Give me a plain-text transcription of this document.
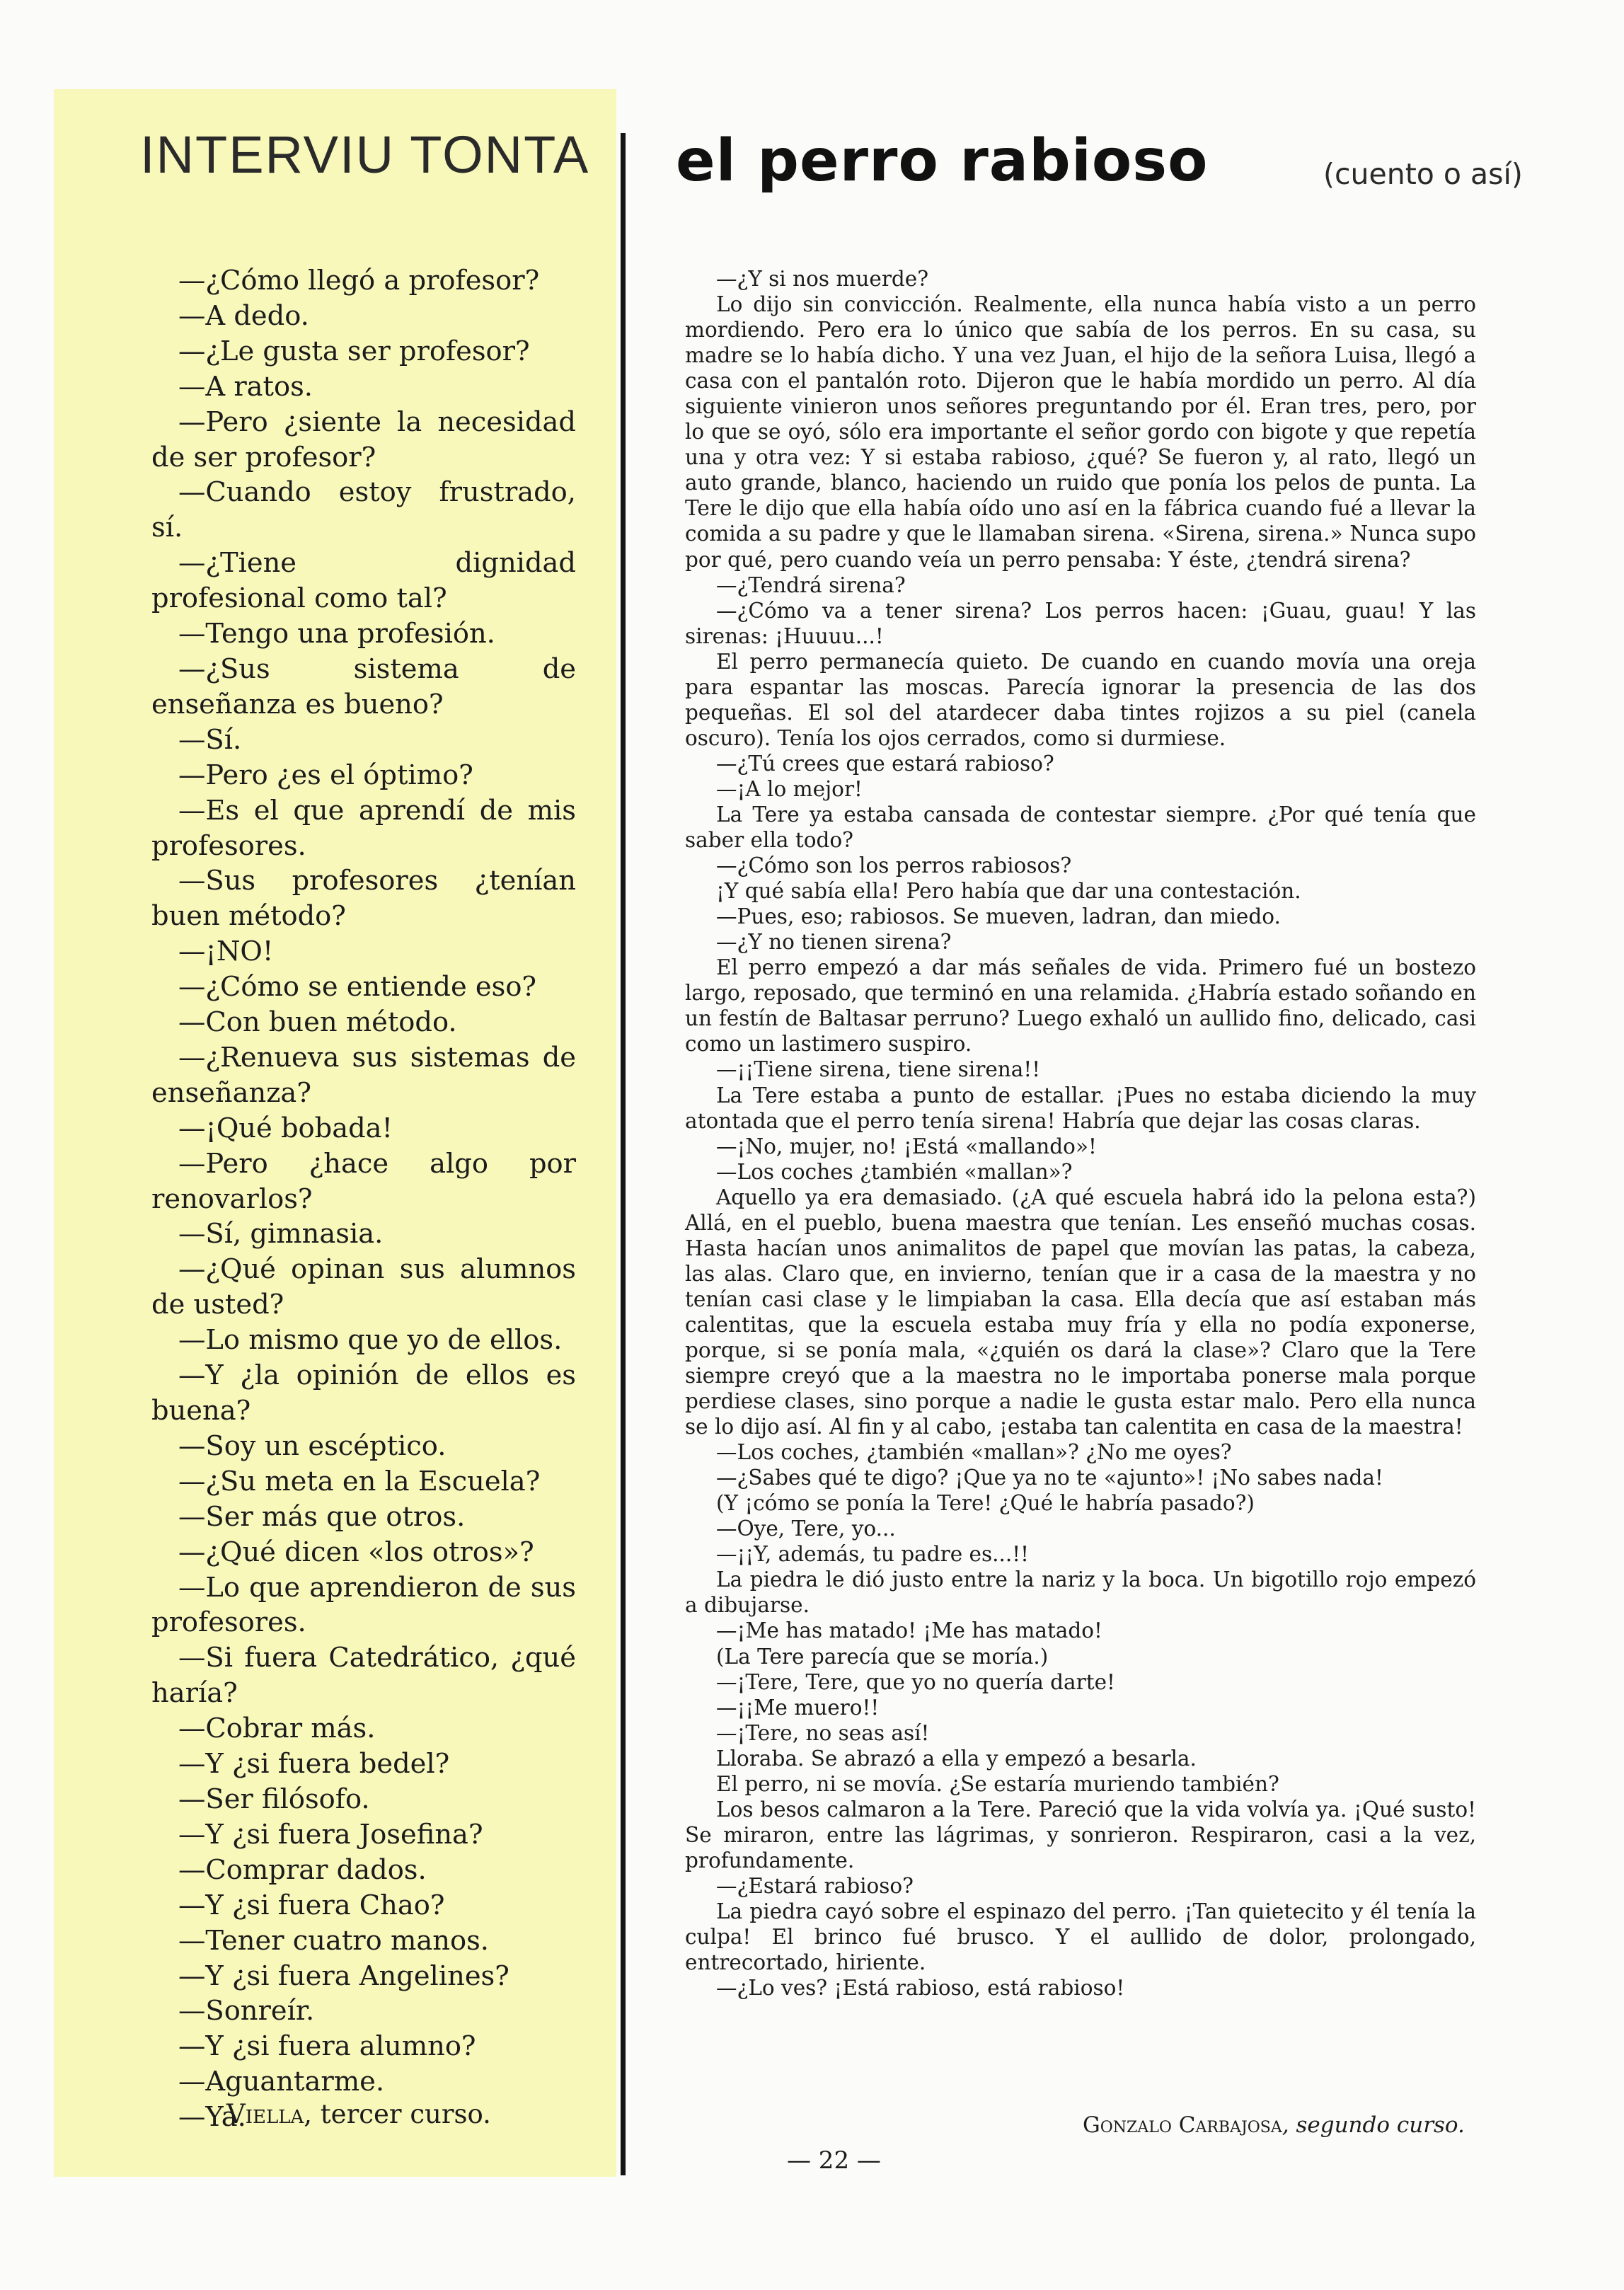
INTERVIU TONTA

—¿Cómo llegó a profesor?

—A dedo.

—¿Le gusta ser profesor?

—A ratos.

—Pero ¿siente la necesidad de ser profesor?

—Cuando estoy frustrado, sí.

—¿Tiene dignidad profesional como tal?

—Tengo una profesión.

—¿Sus sistema de enseñanza es bueno?

—Sí.

—Pero ¿es el óptimo?

—Es el que aprendí de mis profesores.

—Sus profesores ¿tenían buen método?

—¡NO!

—¿Cómo se entiende eso?

—Con buen método.

—¿Renueva sus sistemas de enseñanza?

—¡Qué bobada!

—Pero ¿hace algo por renovarlos?

—Sí, gimnasia.

—¿Qué opinan sus alumnos de usted?

—Lo mismo que yo de ellos.

—Y ¿la opinión de ellos es buena?

—Soy un escéptico.

—¿Su meta en la Escuela?

—Ser más que otros.

—¿Qué dicen «los otros»?

—Lo que aprendieron de sus profesores.

—Si fuera Catedrático, ¿qué haría?

—Cobrar más.

—Y ¿si fuera bedel?

—Ser filósofo.

—Y ¿si fuera Josefina?

—Comprar dados.

—Y ¿si fuera Chao?

—Tener cuatro manos.

—Y ¿si fuera Angelines?

—Sonreír.

—Y ¿si fuera alumno?

—Aguantarme.

—Ya.

Viella, tercer curso.

el perro rabioso	(cuento o así)

—¿Y si nos muerde?

Lo dijo sin convicción. Realmente, ella nunca había visto a un perro mordiendo. Pero era lo único que sabía de los perros. En su casa, su madre se lo había dicho. Y una vez Juan, el hijo de la señora Luisa, llegó a casa con el pantalón roto. Dijeron que le había mordido un perro. Al día siguiente vinieron unos señores preguntando por él. Eran tres, pero, por lo que se oyó, sólo era importante el señor gordo con bigote y que repetía una y otra vez: Y si estaba rabioso, ¿qué? Se fueron y, al rato, llegó un auto grande, blanco, haciendo un ruido que ponía los pelos de punta. La Tere le dijo que ella había oído uno así en la fábrica cuando fué a llevar la comida a su padre y que le llamaban sirena. «Sirena, sirena.» Nunca supo por qué, pero cuando veía un perro pensaba: Y éste, ¿tendrá sirena?

—¿Tendrá sirena?

—¿Cómo va a tener sirena? Los perros hacen: ¡Guau, guau! Y las sirenas: ¡Huuuu...!

El perro permanecía quieto. De cuando en cuando movía una oreja para espantar las moscas. Parecía ignorar la presencia de las dos pequeñas. El sol del atardecer daba tintes rojizos a su piel (canela oscuro). Tenía los ojos cerrados, como si durmiese.

—¿Tú crees que estará rabioso?

—¡A lo mejor!

La Tere ya estaba cansada de contestar siempre. ¿Por qué tenía que saber ella todo?

—¿Cómo son los perros rabiosos?

¡Y qué sabía ella! Pero había que dar una contestación.

—Pues, eso; rabiosos. Se mueven, ladran, dan miedo.

—¿Y no tienen sirena?

El perro empezó a dar más señales de vida. Primero fué un bostezo largo, reposado, que terminó en una relamida. ¿Habría estado soñando en un festín de Baltasar perruno? Luego exhaló un aullido fino, delicado, casi como un lastimero suspiro.

—¡¡Tiene sirena, tiene sirena!!

La Tere estaba a punto de estallar. ¡Pues no estaba diciendo la muy atontada que el perro tenía sirena! Habría que dejar las cosas claras.

—¡No, mujer, no! ¡Está «mallando»!

—Los coches ¿también «mallan»?

Aquello ya era demasiado. (¿A qué escuela habrá ido la pelona esta?) Allá, en el pueblo, buena maestra que tenían. Les enseñó muchas cosas. Hasta hacían unos animalitos de papel que movían las patas, la cabeza, las alas. Claro que, en invierno, tenían que ir a casa de la maestra y no tenían casi clase y le limpiaban la casa. Ella decía que así estaban más calentitas, que la escuela estaba muy fría y ella no podía exponerse, porque, si se ponía mala, «¿quién os dará la clase»? Claro que la Tere siempre creyó que a la maestra no le importaba ponerse mala porque perdiese clases, sino porque a nadie le gusta estar malo. Pero ella nunca se lo dijo así. Al fin y al cabo, ¡estaba tan calentita en casa de la maestra!

—Los coches, ¿también «mallan»? ¿No me oyes?

—¿Sabes qué te digo? ¡Que ya no te «ajunto»! ¡No sabes nada!

(Y ¡cómo se ponía la Tere! ¿Qué le habría pasado?)

—Oye, Tere, yo...

—¡¡Y, además, tu padre es...!!

La piedra le dió justo entre la nariz y la boca. Un bigotillo rojo empezó a dibujarse.

—¡Me has matado! ¡Me has matado!

(La Tere parecía que se moría.)

—¡Tere, Tere, que yo no quería darte!

—¡¡Me muero!!

—¡Tere, no seas así!

Lloraba. Se abrazó a ella y empezó a besarla.

El perro, ni se movía. ¿Se estaría muriendo también?

Los besos calmaron a la Tere. Pareció que la vida volvía ya. ¡Qué susto! Se miraron, entre las lágrimas, y sonrieron. Respiraron, casi a la vez, profundamente.

—¿Estará rabioso?

La piedra cayó sobre el espinazo del perro. ¡Tan quietecito y él tenía la culpa! El brinco fué brusco. Y el aullido de dolor, prolongado, entrecortado, hiriente.

—¿Lo ves? ¡Está rabioso, está rabioso!

Gonzalo Carbajosa, segundo curso.

— 22 —
